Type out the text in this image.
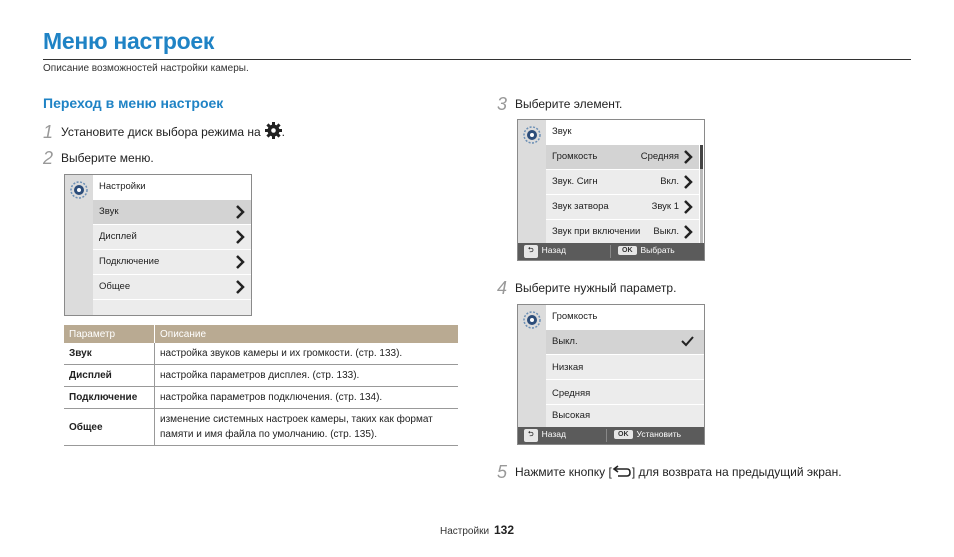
Меню настроек
Описание возможностей настройки камеры.
Переход в меню настроек
1 Установите диск выбора режима на .
2 Выберите меню.
Настройки
Звук
Дисплей
Подключение
Общее
Параметр	Описание
Звук	настройка звуков камеры и их громкости. (стр. 133).
Дисплей	настройка параметров дисплея. (стр. 133).
Подключение	настройка параметров подключения. (стр. 134).
Общее	изменение системных настроек камеры, таких как формат памяти и имя файла по умолчанию. (стр. 135).
3 Выберите элемент.
Звук
Громкость	Средняя
Звук. Сигн	Вкл.
Звук затвора	Звук 1
Звук при включении Выкл.
⮌ Назад	OK Выбрать
4 Выберите нужный параметр.
Громкость
Выкл.
Низкая
Средняя
Высокая
⮌ Назад	OK Установить
5 Нажмите кнопку [ ] для возврата на предыдущий экран.
Настройки 132
